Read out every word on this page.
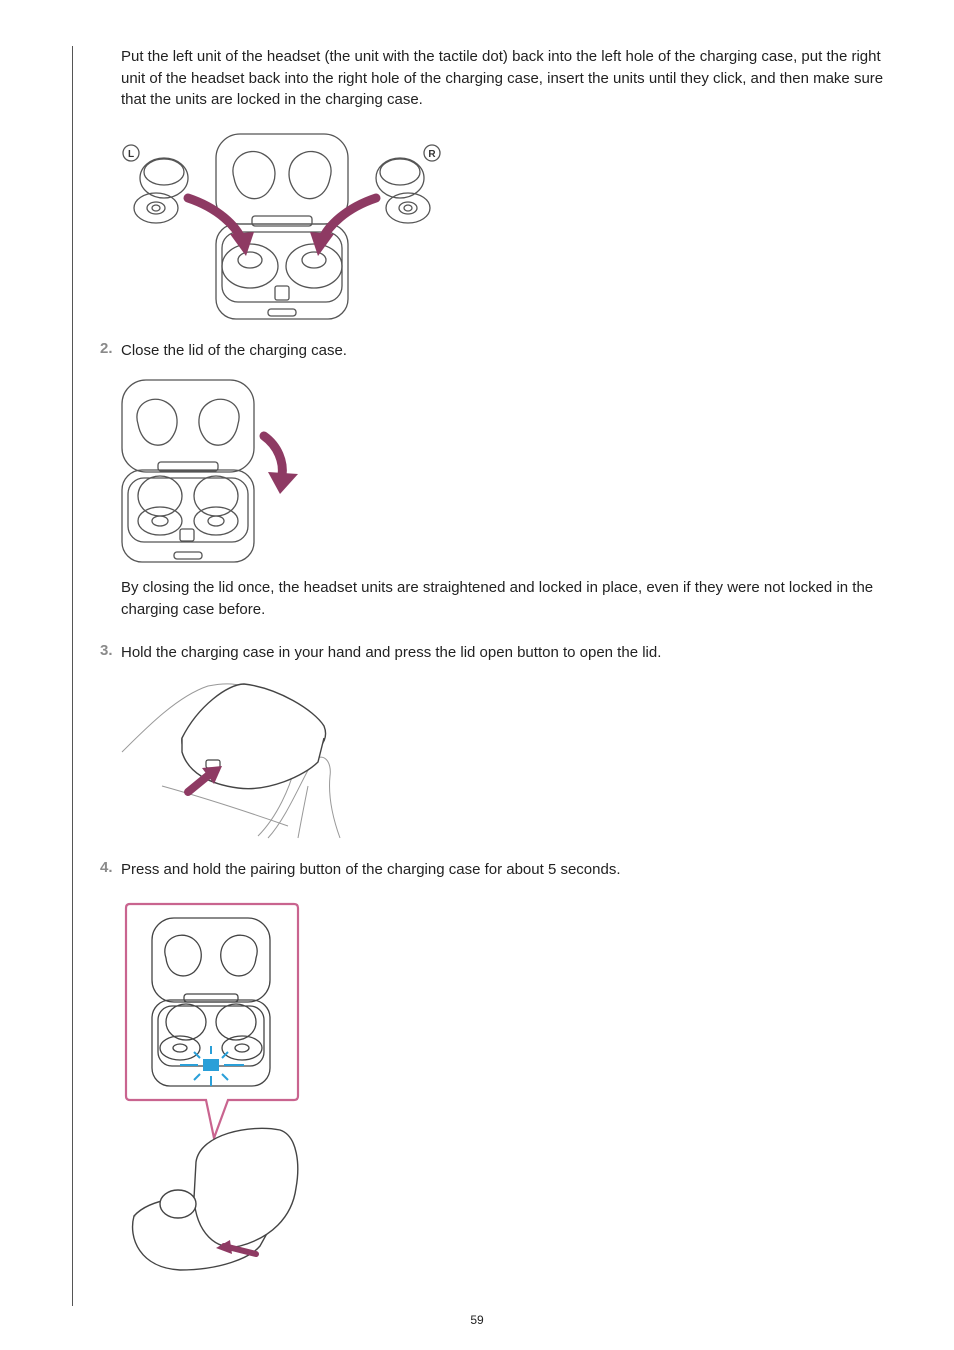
Put the left unit of the headset (the unit with the tactile dot) back into the left hole of the charging case, put the right unit of the headset back into the right hole of the charging case, insert the units until they click, and then make sure that the units are locked in the charging case.

L	R
2. Close the lid of the charging case.

By closing the lid once, the headset units are straightened and locked in place, even if they were not locked in the charging case before.

3. Hold the charging case in your hand and press the lid open button to open the lid.
4. Press and hold the pairing button of the charging case for about 5 seconds.
59
